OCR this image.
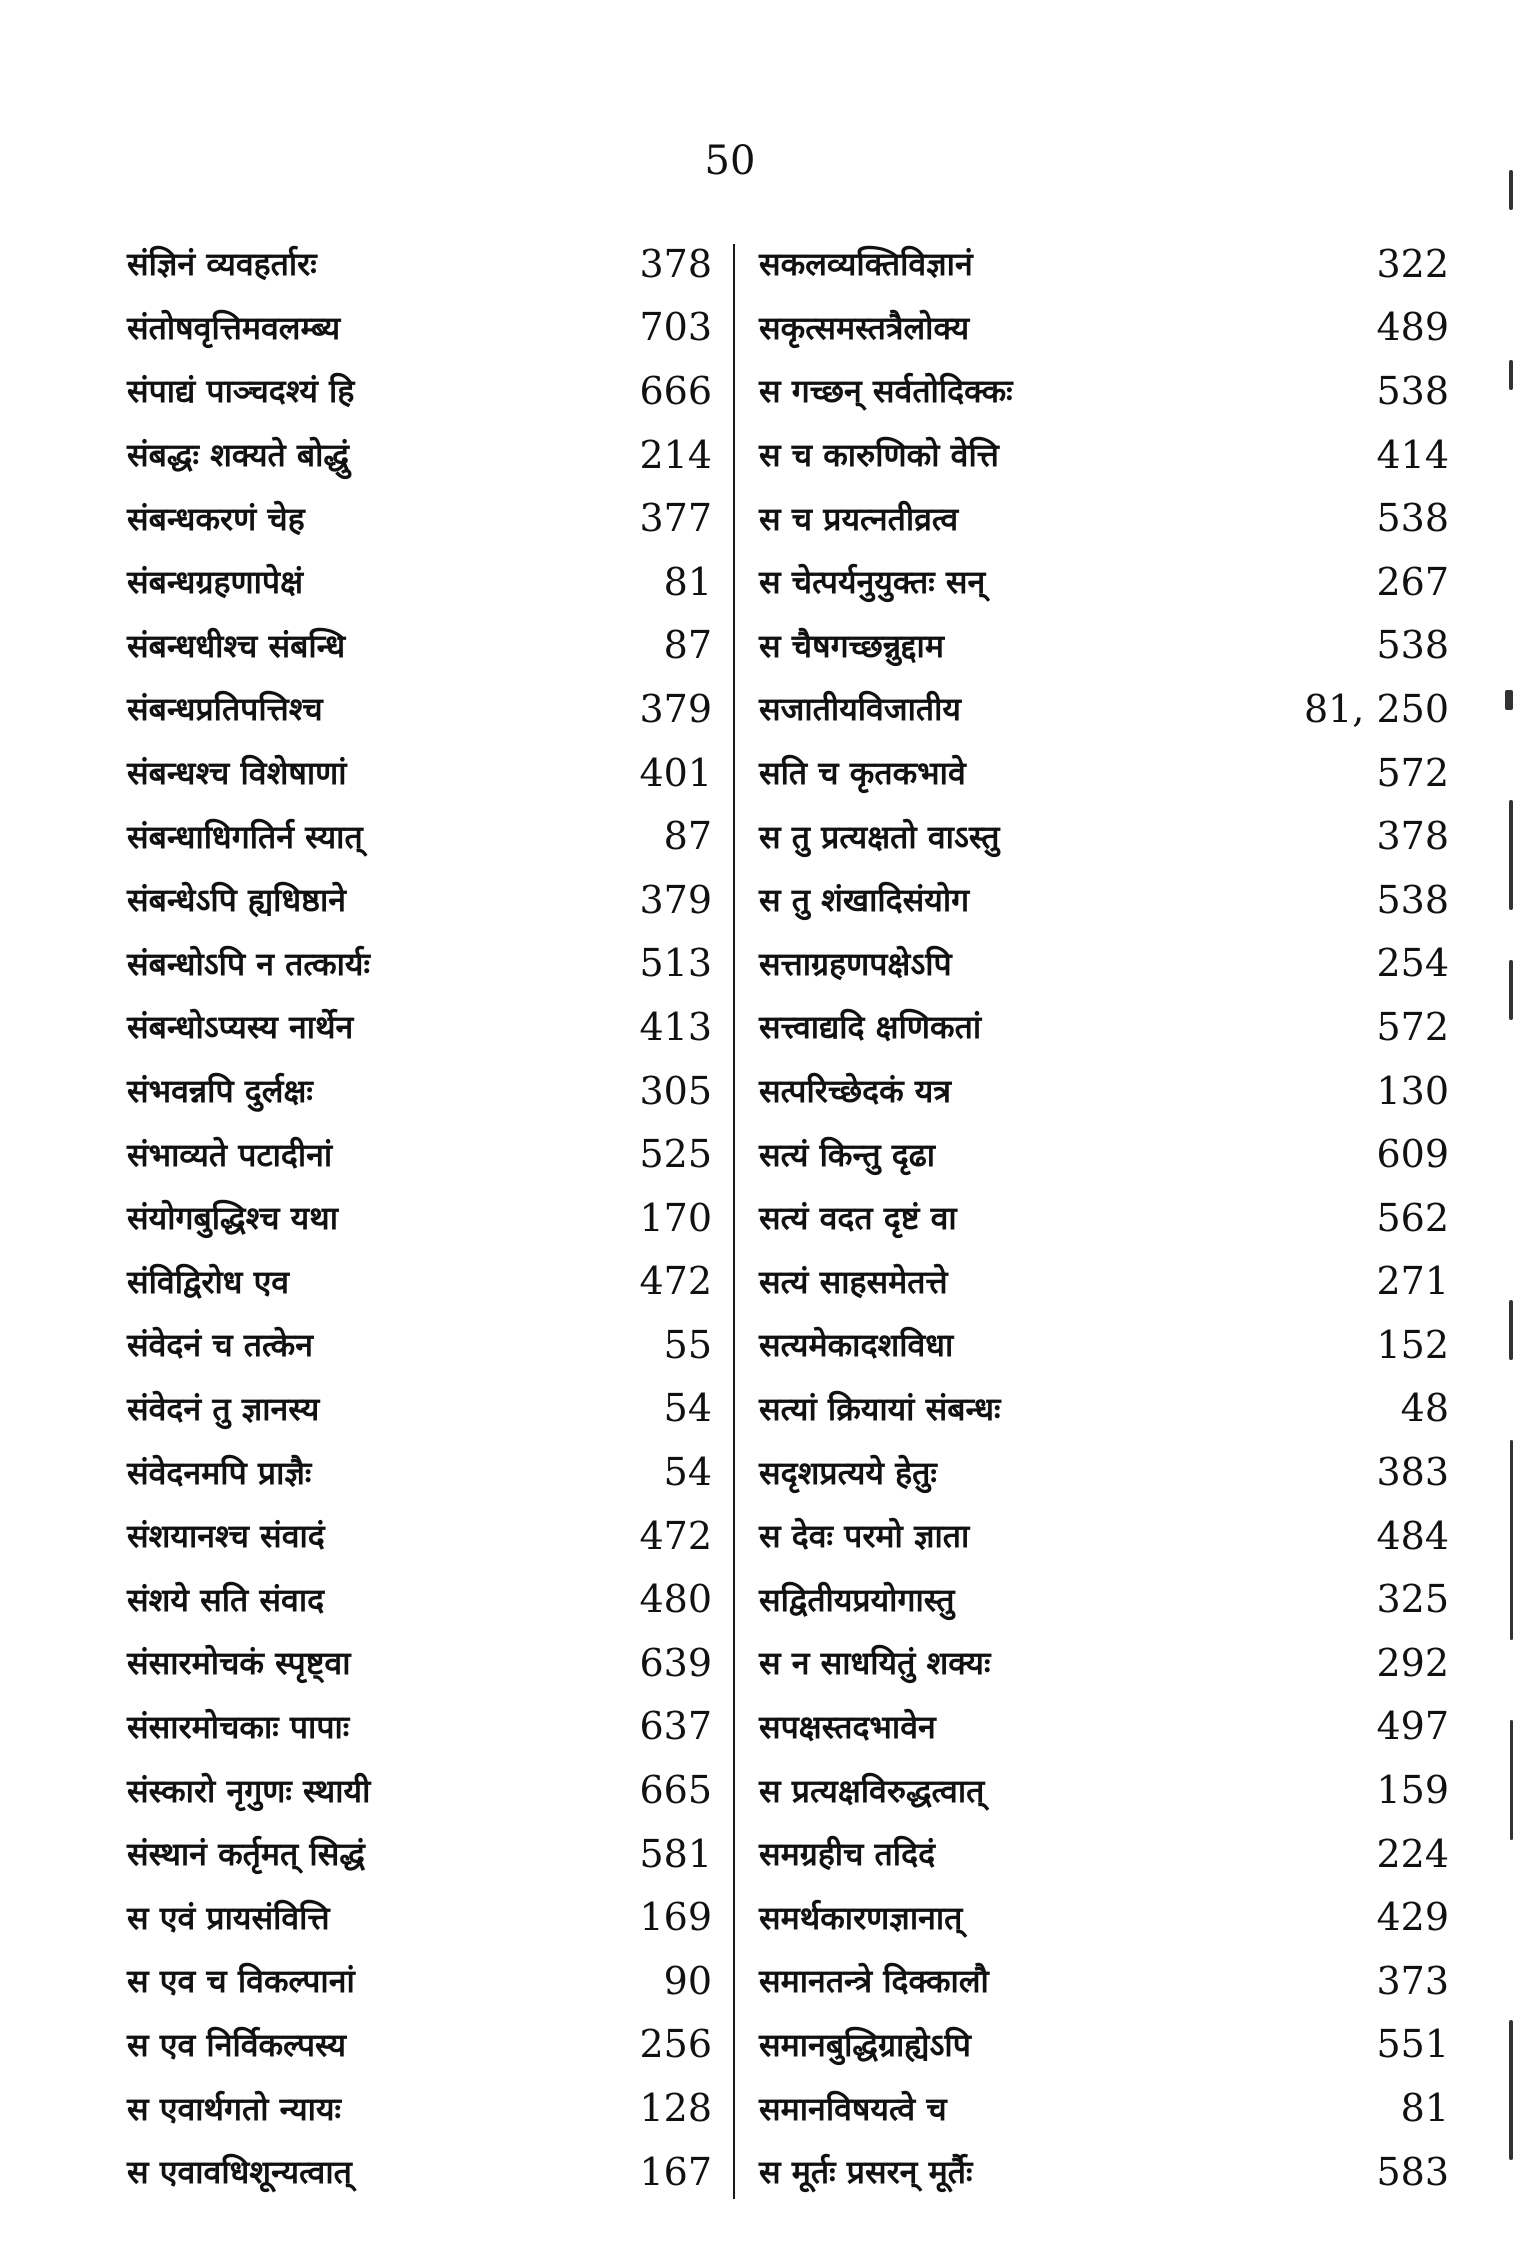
50
संज्ञिनं व्यवहर्तारः	378
संतोषवृत्तिमवलम्ब्य	703
संपाद्यं पाञ्चदश्यं हि	666
संबद्धः शक्यते बोद्धुं	214
संबन्धकरणं चेह	377
संबन्धग्रहणापेक्षं	81
संबन्धधीश्च संबन्धि	87
संबन्धप्रतिपत्तिश्च	379
संबन्धश्च विशेषाणां	401
संबन्धाधिगतिर्न स्यात्	87
संबन्धेऽपि ह्यधिष्ठाने	379
संबन्धोऽपि न तत्कार्यः	513
संबन्धोऽप्यस्य नार्थेन	413
संभवन्नपि दुर्लक्षः	305
संभाव्यते पटादीनां	525
संयोगबुद्धिश्च यथा	170
संविद्विरोध एव	472
संवेदनं च तत्केन	55
संवेदनं तु ज्ञानस्य	54
संवेदनमपि प्राज्ञैः	54
संशयानश्च संवादं	472
संशये सति संवाद	480
संसारमोचकं स्पृष्ट्वा	639
संसारमोचकाः पापाः	637
संस्कारो नृगुणः स्थायी	665
संस्थानं कर्तृमत् सिद्धं	581
स एवं प्रायसंवित्ति	169
स एव च विकल्पानां	90
स एव निर्विकल्पस्य	256
स एवार्थगतो न्यायः	128
स एवावधिशून्यत्वात्	167
सकलव्यक्तिविज्ञानं	322
सकृत्समस्तत्रैलोक्य	489
स गच्छन् सर्वतोदिक्कः	538
स च कारुणिको वेत्ति	414
स च प्रयत्नतीव्रत्व	538
स चेत्पर्यनुयुक्तः सन्	267
स चैषगच्छन्नुद्दाम	538
सजातीयविजातीय	81, 250
सति च कृतकभावे	572
स तु प्रत्यक्षतो वाऽस्तु	378
स तु शंखादिसंयोग	538
सत्ताग्रहणपक्षेऽपि	254
सत्त्वाद्यदि क्षणिकतां	572
सत्परिच्छेदकं यत्र	130
सत्यं किन्तु दृढा	609
सत्यं वदत दृष्टं वा	562
सत्यं साहसमेतत्ते	271
सत्यमेकादशविधा	152
सत्यां क्रियायां संबन्धः	48
सदृशप्रत्यये हेतुः	383
स देवः परमो ज्ञाता	484
सद्वितीयप्रयोगास्तु	325
स न साधयितुं शक्यः	292
सपक्षस्तदभावेन	497
स प्रत्यक्षविरुद्धत्वात्	159
समग्रहीच तदिदं	224
समर्थकारणज्ञानात्	429
समानतन्त्रे दिक्कालौ	373
समानबुद्धिग्राह्येऽपि	551
समानविषयत्वे च	81
स मूर्तः प्रसरन् मूर्तैः	583
